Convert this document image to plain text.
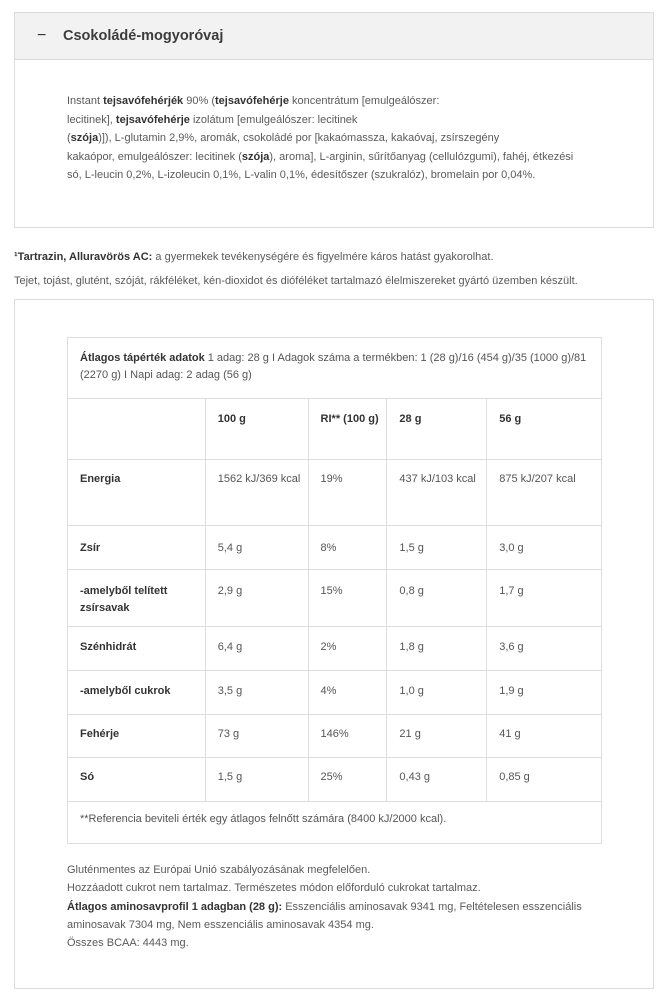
− Csokoládé-mogyoróvaj

Instant tejsavófehérjék 90% (tejsavófehérje koncentrátum [emulgeálószer:
lecitinek], tejsavófehérje izolátum [emulgeálószer: lecitinek
(szója)]), L-glutamin 2,9%, aromák, csokoládé por [kakaómassza, kakaóvaj, zsírszegény
kakaópor, emulgeálószer: lecitinek (szója), aroma], L-arginin, sűrítőanyag (cellulózgumi), fahéj, étkezési
só, L-leucin 0,2%, L-izoleucin 0,1%, L-valin 0,1%, édesítőszer (szukralóz), bromelain por 0,04%.

¹Tartrazin, Alluravörös AC: a gyermekek tevékenységére és figyelmére káros hatást gyakorolhat.

Tejet, tojást, glutént, szóját, rákféléket, kén-dioxidot és dióféléket tartalmazó élelmiszereket gyártó üzemben készült.

Átlagos tápérték adatok 1 adag: 28 g I Adagok száma a termékben: 1 (28 g)/16 (454 g)/35 (1000 g)/81 (2270 g) I Napi adag: 2 adag (56 g)				
	100 g	RI** (100 g)	28 g	56 g
Energia	1562 kJ/369 kcal	19%	437 kJ/103 kcal	875 kJ/207 kcal
Zsír	5,4 g	8%	1,5 g	3,0 g
-amelyből telített zsírsavak	2,9 g	15%	0,8 g	1,7 g
Szénhidrát	6,4 g	2%	1,8 g	3,6 g
-amelyből cukrok	3,5 g	4%	1,0 g	1,9 g
Fehérje	73 g	146%	21 g	41 g
Só	1,5 g	25%	0,43 g	0,85 g
**Referencia beviteli érték egy átlagos felnőtt számára (8400 kJ/2000 kcal).				
Gluténmentes az Európai Unió szabályozásának megfelelően.
Hozzáadott cukrot nem tartalmaz. Természetes módon előforduló cukrokat tartalmaz.
Átlagos aminosavprofil 1 adagban (28 g): Esszenciális aminosavak 9341 mg, Feltételesen esszenciális aminosavak 7304 mg, Nem esszenciális aminosavak 4354 mg.
Összes BCAA: 4443 mg.
